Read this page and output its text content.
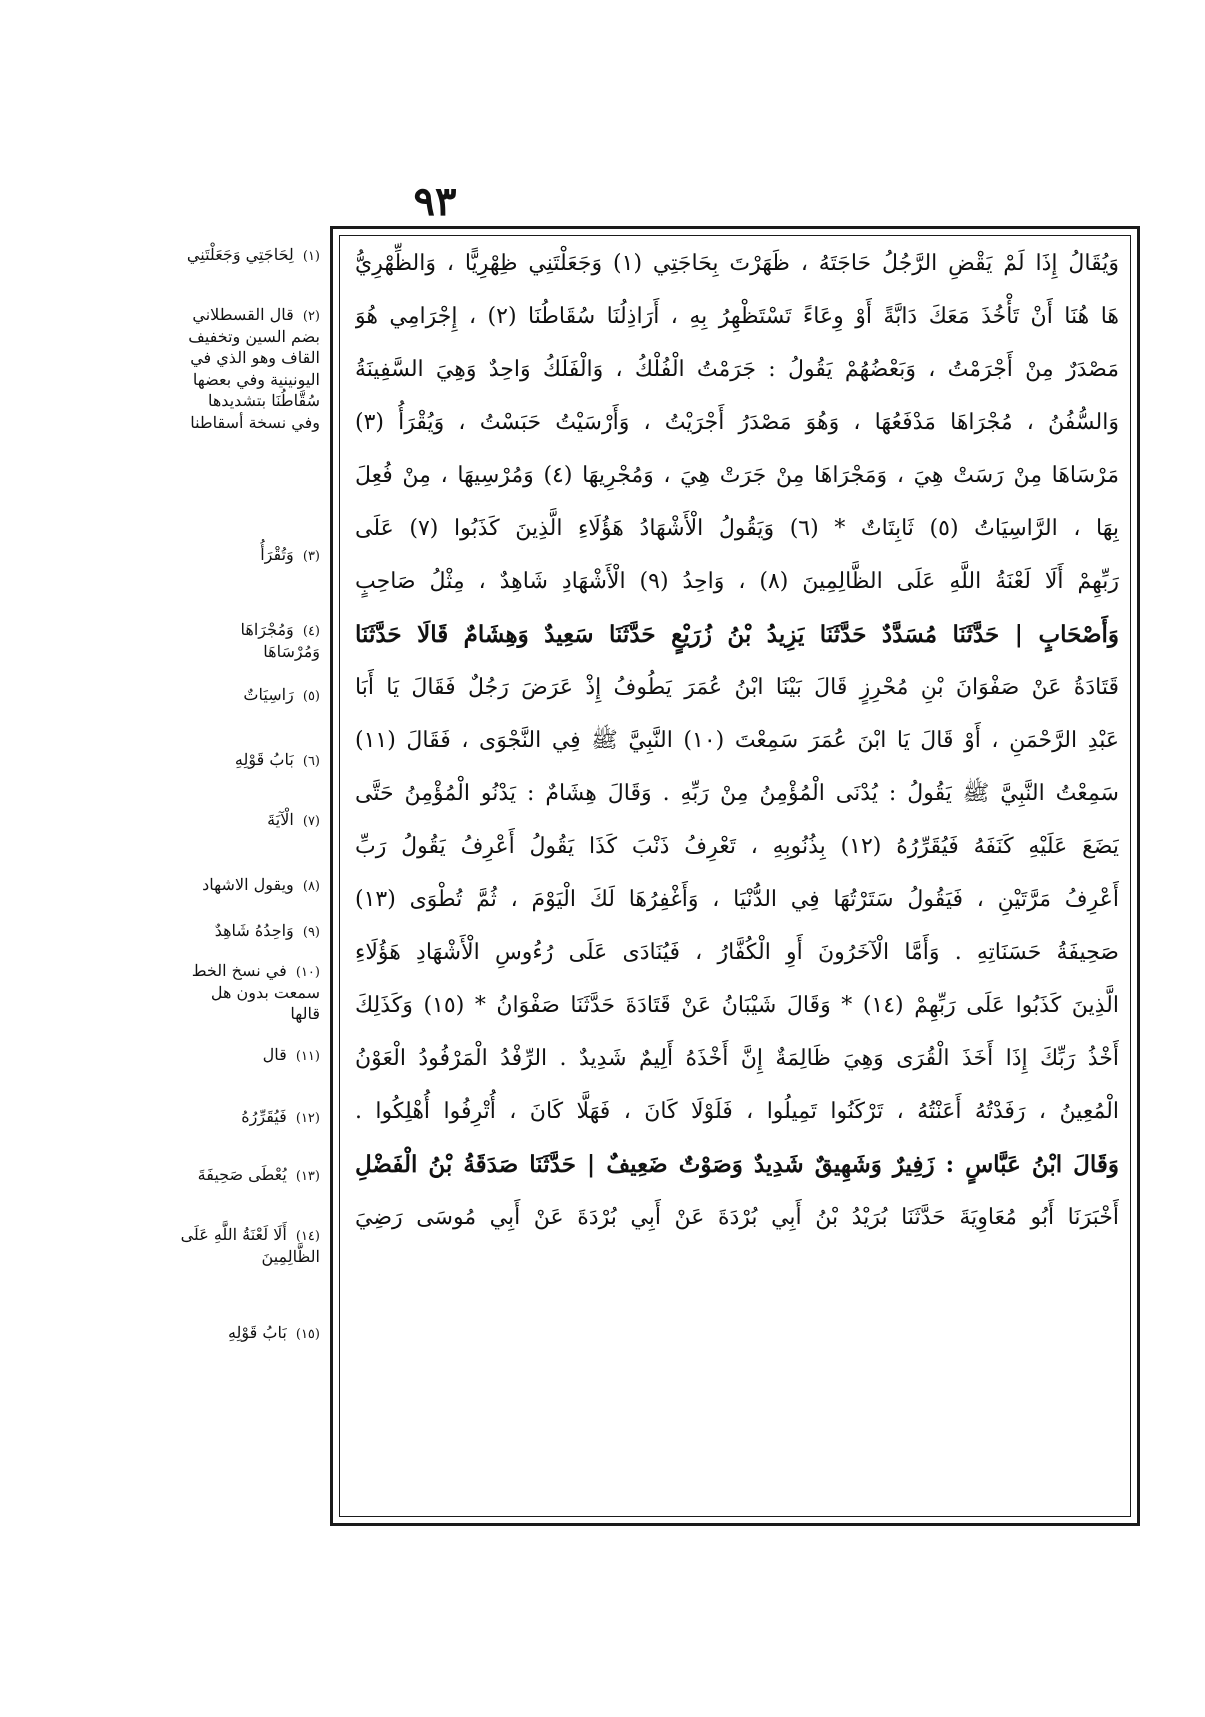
٩٣
وَيُقَالُ إِذَا لَمْ يَقْضِ الرَّجُلُ حَاجَتَهُ ، ظَهَرْتَ بِحَاجَتِي (١) وَجَعَلْتَنِي ظِهْرِيًّا ، وَالظِّهْرِيُّ
هَا هُنَا أَنْ تَأْخُذَ مَعَكَ دَابَّةً أَوْ وِعَاءً تَسْتَظْهِرُ بِهِ ، أَرَاذِلُنَا سُقَاطُنَا (٢) ، إِجْرَامِي هُوَ
مَصْدَرٌ مِنْ أَجْرَمْتُ ، وَبَعْضُهُمْ يَقُولُ : جَرَمْتُ الْفُلْكُ ، وَالْفَلَكُ وَاحِدٌ وَهِيَ السَّفِينَةُ
وَالسُّفُنُ ، مُجْرَاهَا مَدْفَعُهَا ، وَهُوَ مَصْدَرُ أَجْرَيْتُ ، وَأَرْسَيْتُ حَبَسْتُ ، وَيُقْرَأُ (٣)
مَرْسَاهَا مِنْ رَسَتْ هِيَ ، وَمَجْرَاهَا مِنْ جَرَتْ هِيَ ، وَمُجْرِيهَا (٤) وَمُرْسِيهَا ، مِنْ فُعِلَ
بِهَا ، الرَّاسِيَاتُ (٥) ثَابِتَاتٌ * (٦) وَيَقُولُ الْأَشْهَادُ هَؤُلَاءِ الَّذِينَ كَذَبُوا (٧) عَلَى
رَبِّهِمْ أَلَا لَعْنَةُ اللَّهِ عَلَى الظَّالِمِينَ (٨) ، وَاحِدُ (٩) الْأَشْهَادِ شَاهِدٌ ، مِثْلُ صَاحِبٍ
وَأَصْحَابٍ | حَدَّثَنَا مُسَدَّدٌ حَدَّثَنَا يَزِيدُ بْنُ زُرَيْعٍ حَدَّثَنَا سَعِيدٌ وَهِشَامٌ قَالَا حَدَّثَنَا
قَتَادَةُ عَنْ صَفْوَانَ بْنِ مُحْرِزٍ قَالَ بَيْنَا ابْنُ عُمَرَ يَطُوفُ إِذْ عَرَضَ رَجُلٌ فَقَالَ يَا أَبَا
عَبْدِ الرَّحْمَنِ ، أَوْ قَالَ يَا ابْنَ عُمَرَ سَمِعْتَ (١٠) النَّبِيَّ ﷺ فِي النَّجْوَى ، فَقَالَ (١١)
سَمِعْتُ النَّبِيَّ ﷺ يَقُولُ : يُدْنَى الْمُؤْمِنُ مِنْ رَبِّهِ . وَقَالَ هِشَامٌ : يَدْنُو الْمُؤْمِنُ حَتَّى
يَضَعَ عَلَيْهِ كَنَفَهُ فَيُقَرِّرُهُ (١٢) بِذُنُوبِهِ ، تَعْرِفُ ذَنْبَ كَذَا يَقُولُ أَعْرِفُ يَقُولُ رَبِّ
أَعْرِفُ مَرَّتَيْنِ ، فَيَقُولُ سَتَرْتُهَا فِي الدُّنْيَا ، وَأَغْفِرُهَا لَكَ الْيَوْمَ ، ثُمَّ تُطْوَى (١٣)
صَحِيفَةُ حَسَنَاتِهِ . وَأَمَّا الْآخَرُونَ أَوِ الْكُفَّارُ ، فَيُنَادَى عَلَى رُءُوسِ الْأَشْهَادِ هَؤُلَاءِ
الَّذِينَ كَذَبُوا عَلَى رَبِّهِمْ (١٤) * وَقَالَ شَيْبَانُ عَنْ قَتَادَةَ حَدَّثَنَا صَفْوَانُ * (١٥) وَكَذَلِكَ
أَخْذُ رَبِّكَ إِذَا أَخَذَ الْقُرَى وَهِيَ ظَالِمَةٌ إِنَّ أَخْذَهُ أَلِيمٌ شَدِيدٌ . الرِّفْدُ الْمَرْفُودُ الْعَوْنُ
الْمُعِينُ ، رَفَدْتُهُ أَعَنْتُهُ ، تَرْكَنُوا تَمِيلُوا ، فَلَوْلَا كَانَ ، فَهَلَّا كَانَ ، أُتْرِفُوا أُهْلِكُوا .
وَقَالَ ابْنُ عَبَّاسٍ : زَفِيرٌ وَشَهِيقٌ شَدِيدٌ وَصَوْتٌ ضَعِيفٌ | حَدَّثَنَا صَدَقَةُ بْنُ الْفَضْلِ
أَخْبَرَنَا أَبُو مُعَاوِيَةَ حَدَّثَنَا بُرَيْدُ بْنُ أَبِي بُرْدَةَ عَنْ أَبِي بُرْدَةَ عَنْ أَبِي مُوسَى رَضِيَ
(١) لِحَاجَتِي وَجَعَلْتَنِي
(٢) قال القسطلاني بضم السين وتخفيف القاف وهو الذي في اليونينية وفي بعضها سُقَّاطُنَا بتشديدها وفي نسخة أسقاطنا
(٣) وَتُقْرَأُ
(٤) وَمُجْرَاهَا وَمُرْسَاهَا
(٥) رَاسِيَاتٌ
(٦) بَابُ قَوْلِهِ
(٧) الْآيَةَ
(٨) ويقول الاشهاد
(٩) وَاحِدُهُ شَاهِدٌ
(١٠) في نسخ الخط سمعت بدون هل قالها
(١١) قال
(١٢) فَيُقَرِّرُهُ
(١٣) يُعْطَى صَحِيفَةَ
(١٤) أَلَا لَعْنَةُ اللَّهِ عَلَى الظَّالِمِينَ
(١٥) بَابُ قَوْلِهِ
